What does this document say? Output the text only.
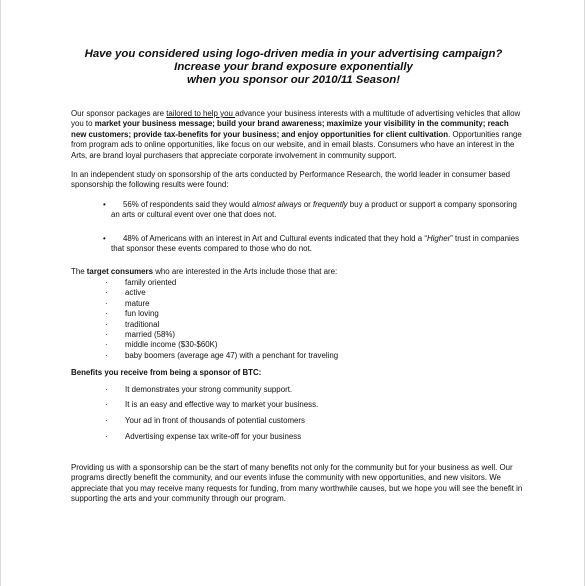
Have you considered using logo-driven media in your advertising campaign?
Increase your brand exposure exponentially
when you sponsor our 2010/11 Season!

Our sponsor packages are tailored to help you advance your business interests with a multitude of advertising vehicles that allow you to market your business message; build your brand awareness; maximize your visibility in the community; reach new customers; provide tax-benefits for your business; and enjoy opportunities for client cultivation. Opportunities range from program ads to online opportunities, like focus on our website, and in email blasts. Consumers who have an interest in the Arts, are brand loyal purchasers that appreciate corporate involvement in community support.

In an independent study on sponsorship of the arts conducted by Performance Research, the world leader in consumer based sponsorship the following results were found:

•	56% of respondents said they would almost always or frequently buy a product or support a company sponsoring an arts or cultural event over one that does not.
•	48% of Americans with an interest in Art and Cultural events indicated that they hold a “Higher” trust in companies that sponsor these events compared to those who do not.

The target consumers who are interested in the Arts include those that are:

·	family oriented
·	active
·	mature
·	fun loving
·	traditional
·	married (58%)
·	middle income ($30-$60K)
·	baby boomers (average age 47) with a penchant for traveling

Benefits you receive from being a sponsor of BTC:

·	It demonstrates your strong community support.
·	It is an easy and effective way to market your business.
·	Your ad in front of thousands of potential customers
·	Advertising expense tax write-off for your business

Providing us with a sponsorship can be the start of many benefits not only for the community but for your business as well. Our programs directly benefit the community, and our events infuse the community with new opportunities, and new visitors. We appreciate that you may receive many requests for funding, from many worthwhile causes, but we hope you will see the benefit in supporting the arts and your community through our program.
